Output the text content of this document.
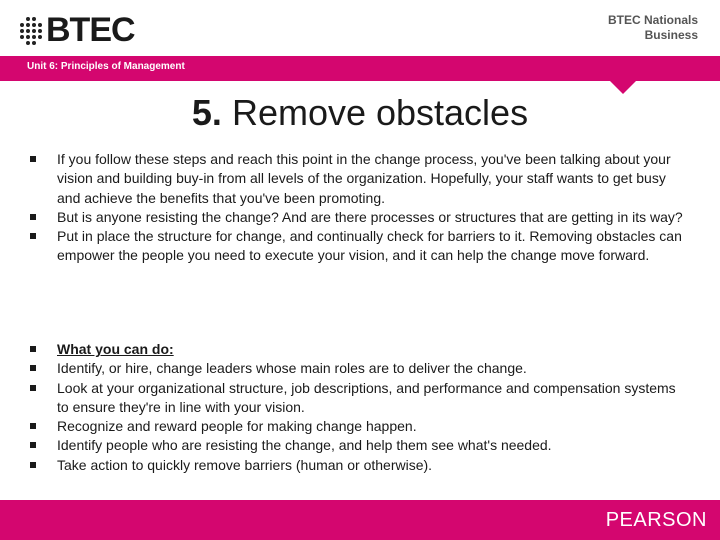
BTEC	BTEC Nationals
Business
Unit 6: Principles of Management
5. Remove obstacles
If you follow these steps and reach this point in the change process, you've been talking about your vision and building buy-in from all levels of the organization. Hopefully, your staff wants to get busy and achieve the benefits that you've been promoting.
But is anyone resisting the change? And are there processes or structures that are getting in its way?
Put in place the structure for change, and continually check for barriers to it. Removing obstacles can empower the people you need to execute your vision, and it can help the change move forward.
What you can do:
Identify, or hire, change leaders whose main roles are to deliver the change.
Look at your organizational structure, job descriptions, and performance and compensation systems to ensure they're in line with your vision.
Recognize and reward people for making change happen.
Identify people who are resisting the change, and help them see what's needed.
Take action to quickly remove barriers (human or otherwise).
PEARSON
